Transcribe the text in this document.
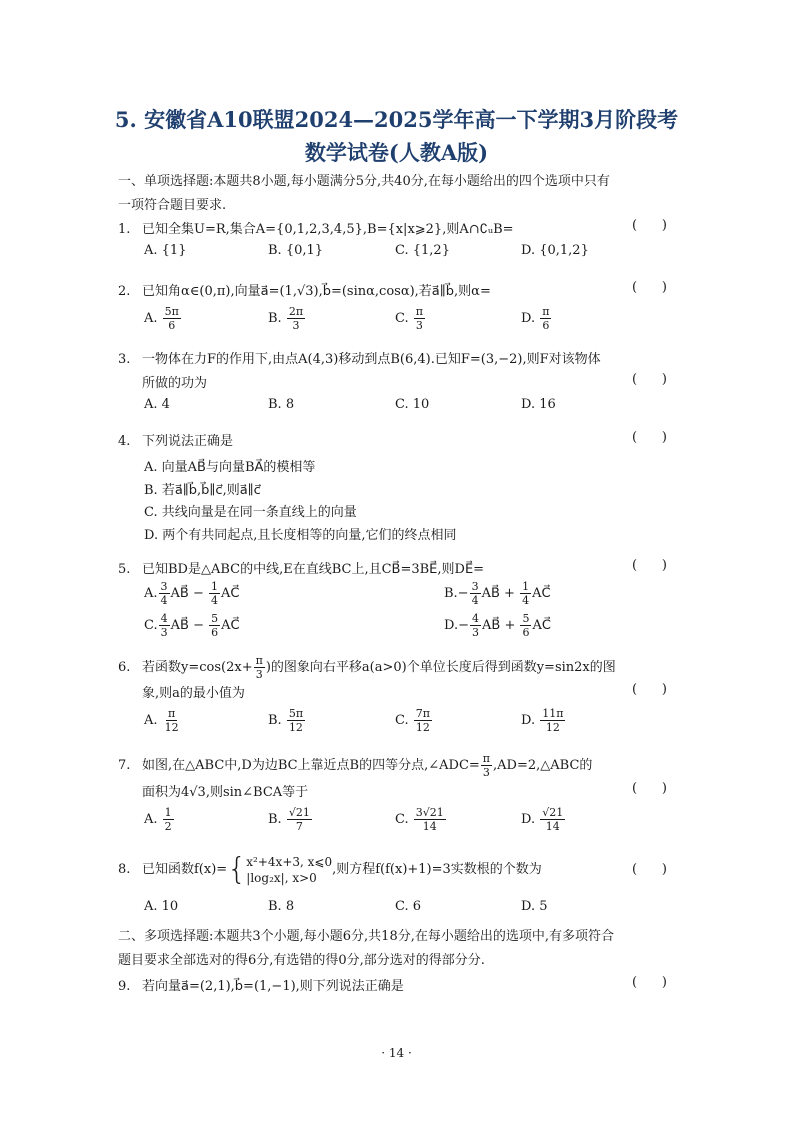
5. 安徽省A10联盟2024—2025学年高一下学期3月阶段考
数学试卷(人教A版)
一、单项选择题:本题共8小题,每小题满分5分,共40分,在每小题给出的四个选项中只有
一项符合题目要求.
1. 已知全集U=R,集合A={0,1,2,3,4,5},B={x|x⩾2},则A∩∁ᵤB=	(      )
A. {1}	B. {0,1}	C. {1,2}	D. {0,1,2}
2. 已知角α∈(0,π),向量a⃗=(1,√3),b⃗=(sinα,cosα),若a⃗∥b⃗,则α=	(      )
A. $\frac{5\pi}{6}$	B. $\frac{2\pi}{3}$	C. $\frac{\pi}{3}$	D. $\frac{\pi}{6}$
3. 一物体在力F的作用下,由点A(4,3)移动到点B(6,4).已知F=(3,−2),则F对该物体
所做的功为	(      )
A. 4	B. 8	C. 10	D. 16
4. 下列说法正确是	(      )
A. 向量AB⃗与向量BA⃗的模相等
B. 若a⃗∥b⃗,b⃗∥c⃗,则a⃗∥c⃗
C. 共线向量是在同一条直线上的向量
D. 两个有共同起点,且长度相等的向量,它们的终点相同
5. 已知BD是△ABC的中线,E在直线BC上,且CB⃗=3BE⃗,则DE⃗=	(      )
A. $\frac{3}{4}$ AB⃗ − $\frac{1}{4}$ AC⃗	$B.- \frac{3}{4}$ AB⃗ + $\frac{1}{4}$ AC⃗
C. $\frac{4}{3}$ AB⃗ − $\frac{5}{6}$ AC⃗	$D.- \frac{4}{3}$ AB⃗ + $\frac{5}{6}$ AC⃗
6. 若函数$y=\cos(2x+ \frac{\pi}{3}$ )的图象向右平移a(a>0)个单位长度后得到函数y=sin2x的图
象,则a的最小值为	(      )
A. $\frac{\pi}{12}$	B. $\frac{5\pi}{12}$	C. $\frac{7\pi}{12}$	D. $\frac{11\pi}{12}$
7. 如图,在△ABC中,D为边BC上靠近点B的四等分点,∠ADC= $\frac{\pi}{3}$ ,AD=2,△ABC的
面积为4√3,则sin∠BCA等于	(      )
A. $\frac{1}{2}$	B. $\frac{√21}{7}$	C. $\frac{3√21}{14}$	D. $\frac{√21}{14}$
8. 已知函数f(x)={ x²+4x+3, x⩽0
|log₂x|, x>0
,则方程f(f(x)+1)=3实数根的个数为	(      )
A. 10	B. 8	C. 6	D. 5
二、多项选择题:本题共3个小题,每小题6分,共18分,在每小题给出的选项中,有多项符合
题目要求全部选对的得6分,有选错的得0分,部分选对的得部分分.
9. 若向量a⃗=(2,1),b⃗=(1,−1),则下列说法正确是	(      )
· 14 ·
